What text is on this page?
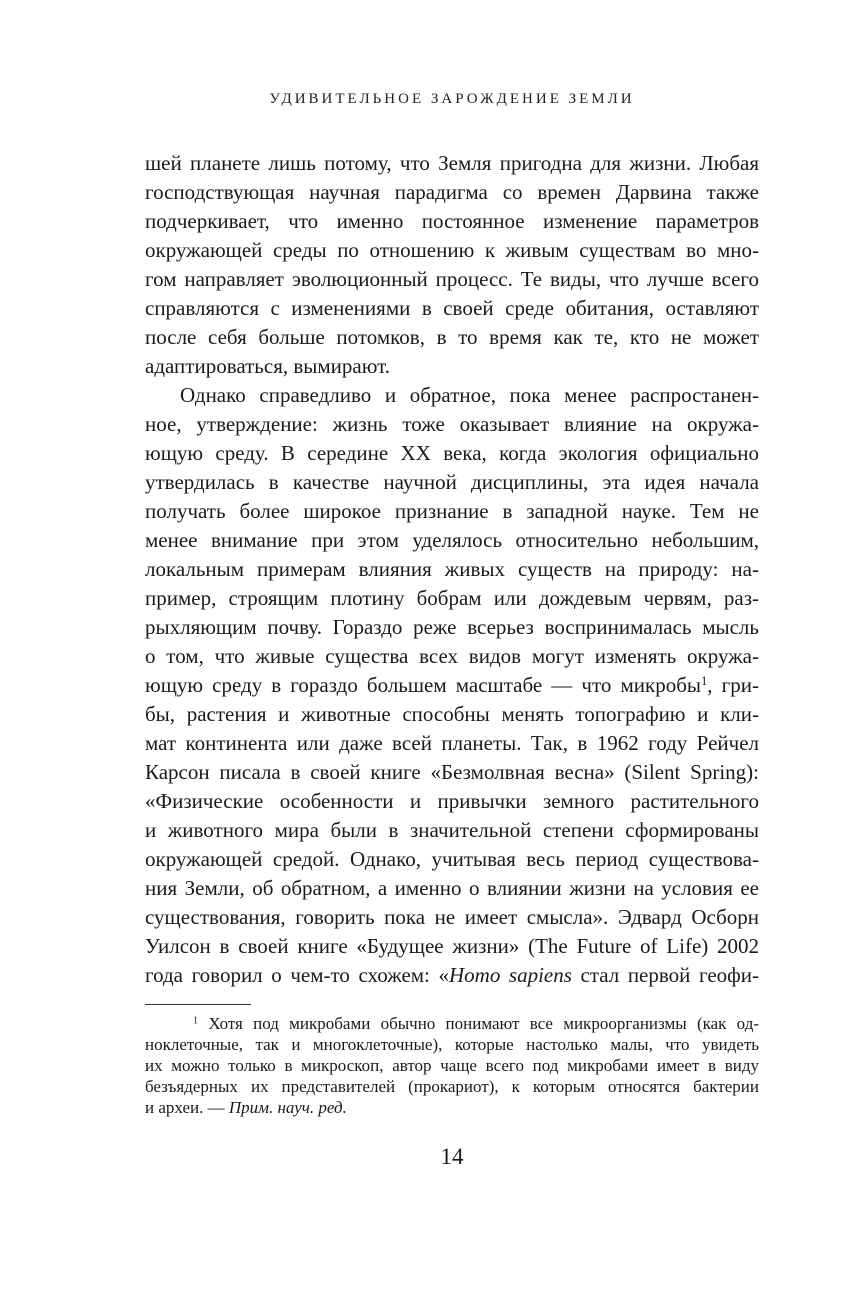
УДИВИТЕЛЬНОЕ ЗАРОЖДЕНИЕ ЗЕМЛИ
шей планете лишь потому, что Земля пригодна для жизни. Любая
господствующая научная парадигма со времен Дарвина также
подчеркивает, что именно постоянное изменение параметров
окружающей среды по отношению к живым существам во мно-
гом направляет эволюционный процесс. Те виды, что лучше всего
справляются с изменениями в своей среде обитания, оставляют
после себя больше потомков, в то время как те, кто не может
адаптироваться, вымирают.
Однако справедливо и обратное, пока менее распростанен-
ное, утверждение: жизнь тоже оказывает влияние на окружа-
ющую среду. В середине XX века, когда экология официально
утвердилась в качестве научной дисциплины, эта идея начала
получать более широкое признание в западной науке. Тем не
менее внимание при этом уделялось относительно небольшим,
локальным примерам влияния живых существ на природу: на-
пример, строящим плотину бобрам или дождевым червям, раз-
рыхляющим почву. Гораздо реже всерьез воспринималась мысль
о том, что живые существа всех видов могут изменять окружа-
ющую среду в гораздо большем масштабе — что микробы$^1$, гри-
бы, растения и животные способны менять топографию и кли-
мат континента или даже всей планеты. Так, в 1962 году Рейчел
Карсон писала в своей книге «Безмолвная весна» (Silent Spring):
«Физические особенности и привычки земного растительного
и животного мира были в значительной степени сформированы
окружающей средой. Однако, учитывая весь период существова-
ния Земли, об обратном, а именно о влиянии жизни на условия ее
существования, говорить пока не имеет смысла». Эдвард Осборн
Уилсон в своей книге «Будущее жизни» (The Future of Life) 2002
года говорил о чем-то схожем: «Homo sapiens стал первой геофи-
$^1$ Хотя под микробами обычно понимают все микроорганизмы (как од-
ноклеточные, так и многоклеточные), которые настолько малы, что увидеть
их можно только в микроскоп, автор чаще всего под микробами имеет в виду
безъядерных их представителей (прокариот), к которым относятся бактерии
и археи. — Прим. науч. ред.
14
